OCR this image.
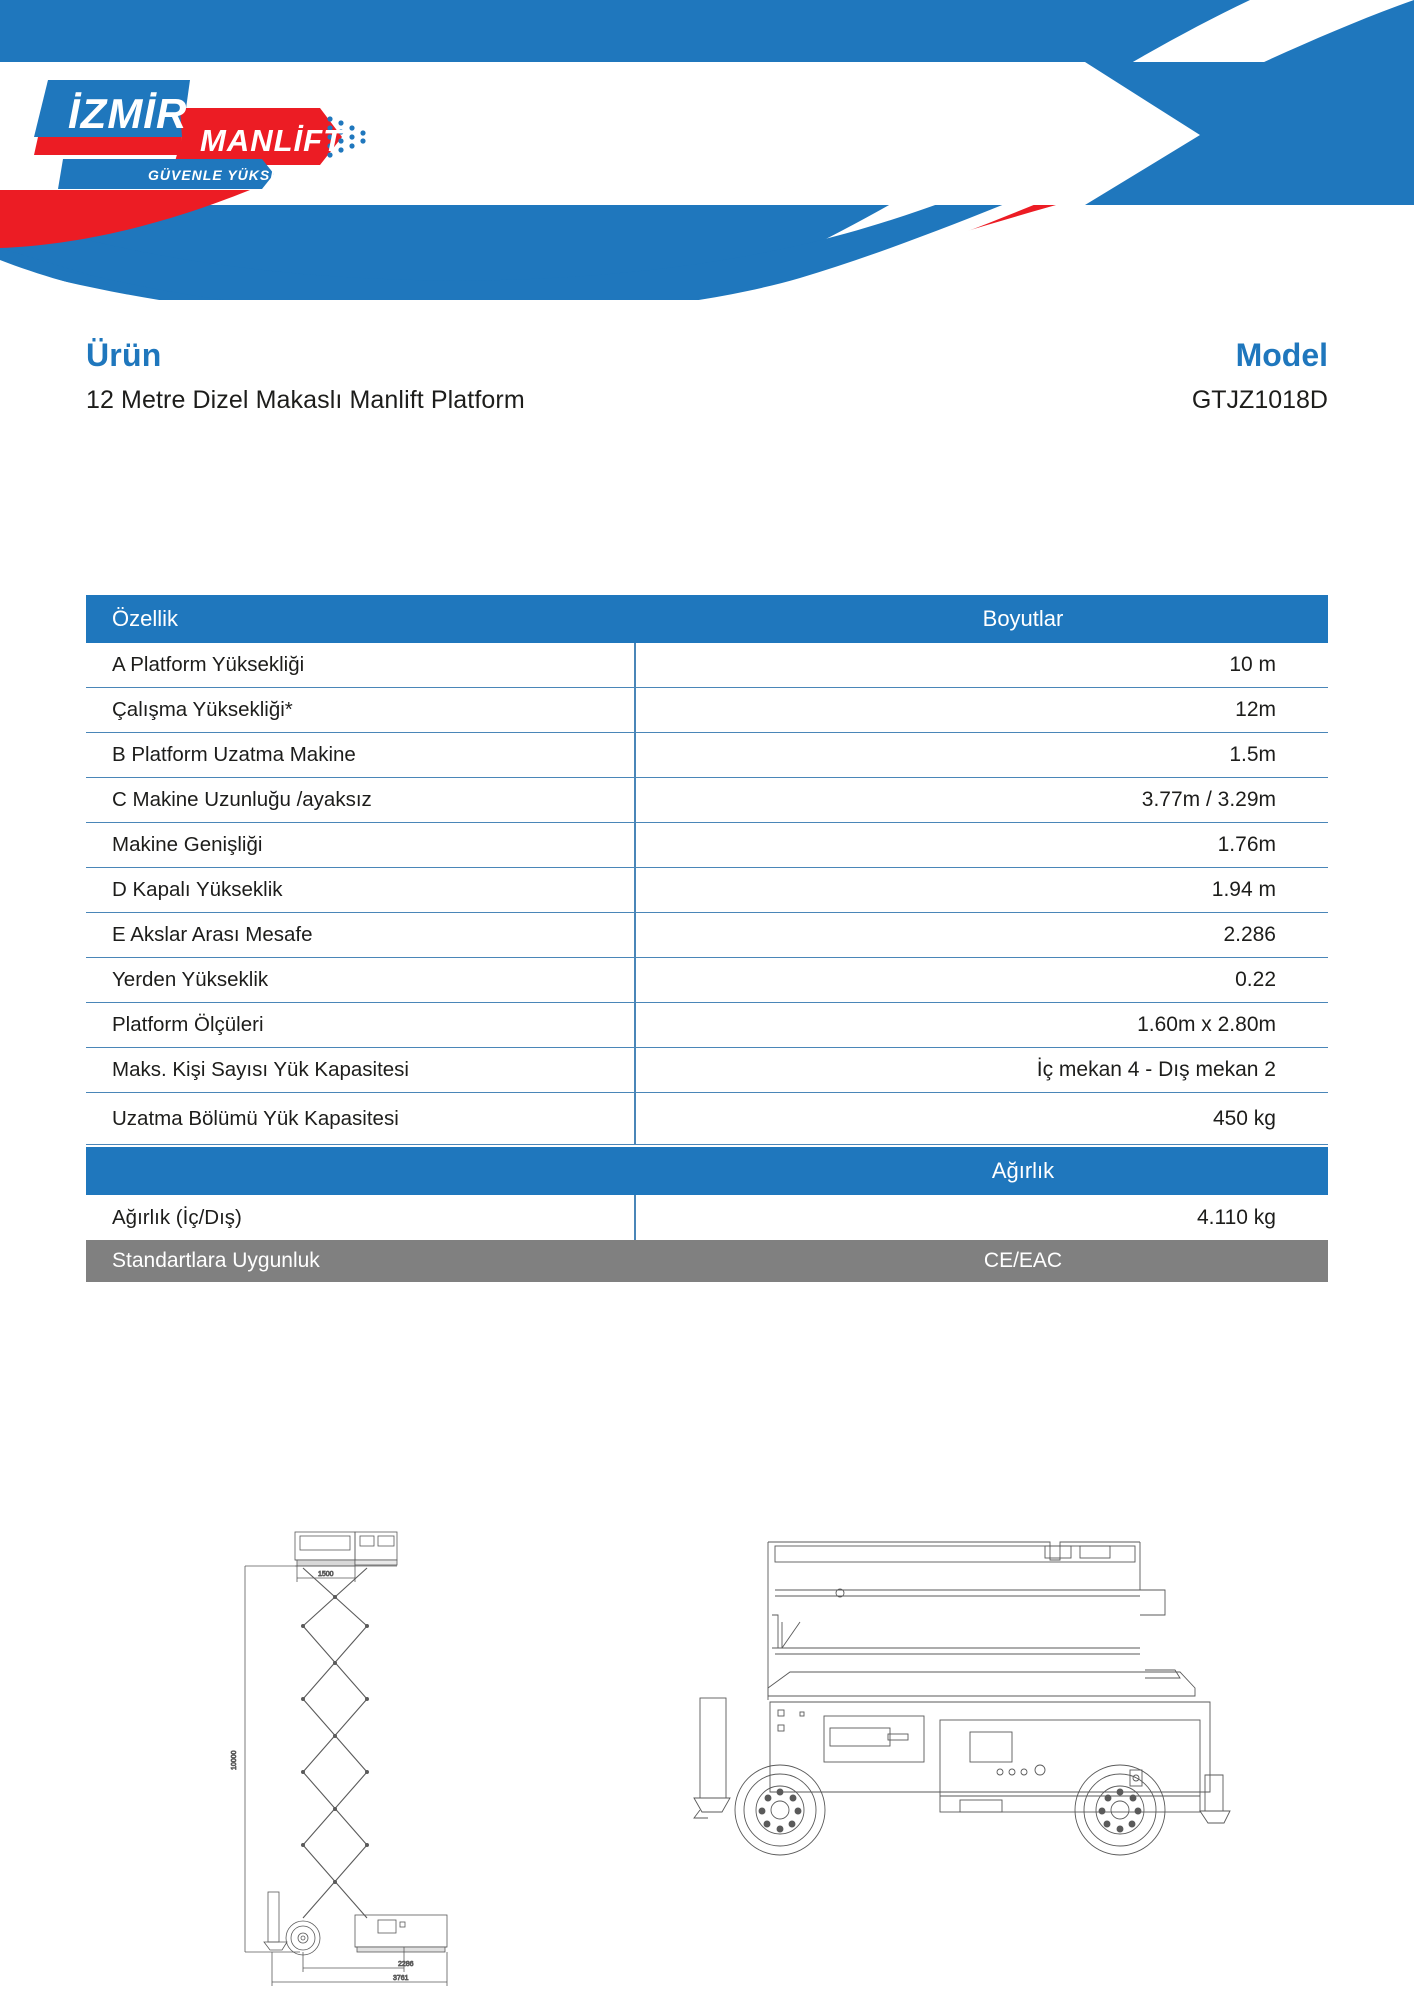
İZMİR
MANLİFT
GÜVENLE YÜKSELİN
Ürün
12 Metre Dizel Makaslı Manlift Platform
Model
GTJZ1018D
Özellik	Boyutlar
A Platform Yüksekliği	10 m
Çalışma Yüksekliği*	12m
B Platform Uzatma Makine	1.5m
C Makine Uzunluğu /ayaksız	3.77m / 3.29m
Makine Genişliği	1.76m
D Kapalı Yükseklik	1.94 m
E Akslar Arası Mesafe	2.286
Yerden Yükseklik	0.22
Platform Ölçüleri	1.60m x 2.80m
Maks. Kişi Sayısı Yük Kapasitesi	İç mekan 4 - Dış mekan 2
Uzatma Bölümü Yük Kapasitesi	450 kg
Ağırlık
Ağırlık (İç/Dış)	4.110 kg
Standartlara Uygunluk	CE/EAC
1500
10000
2286
3761
